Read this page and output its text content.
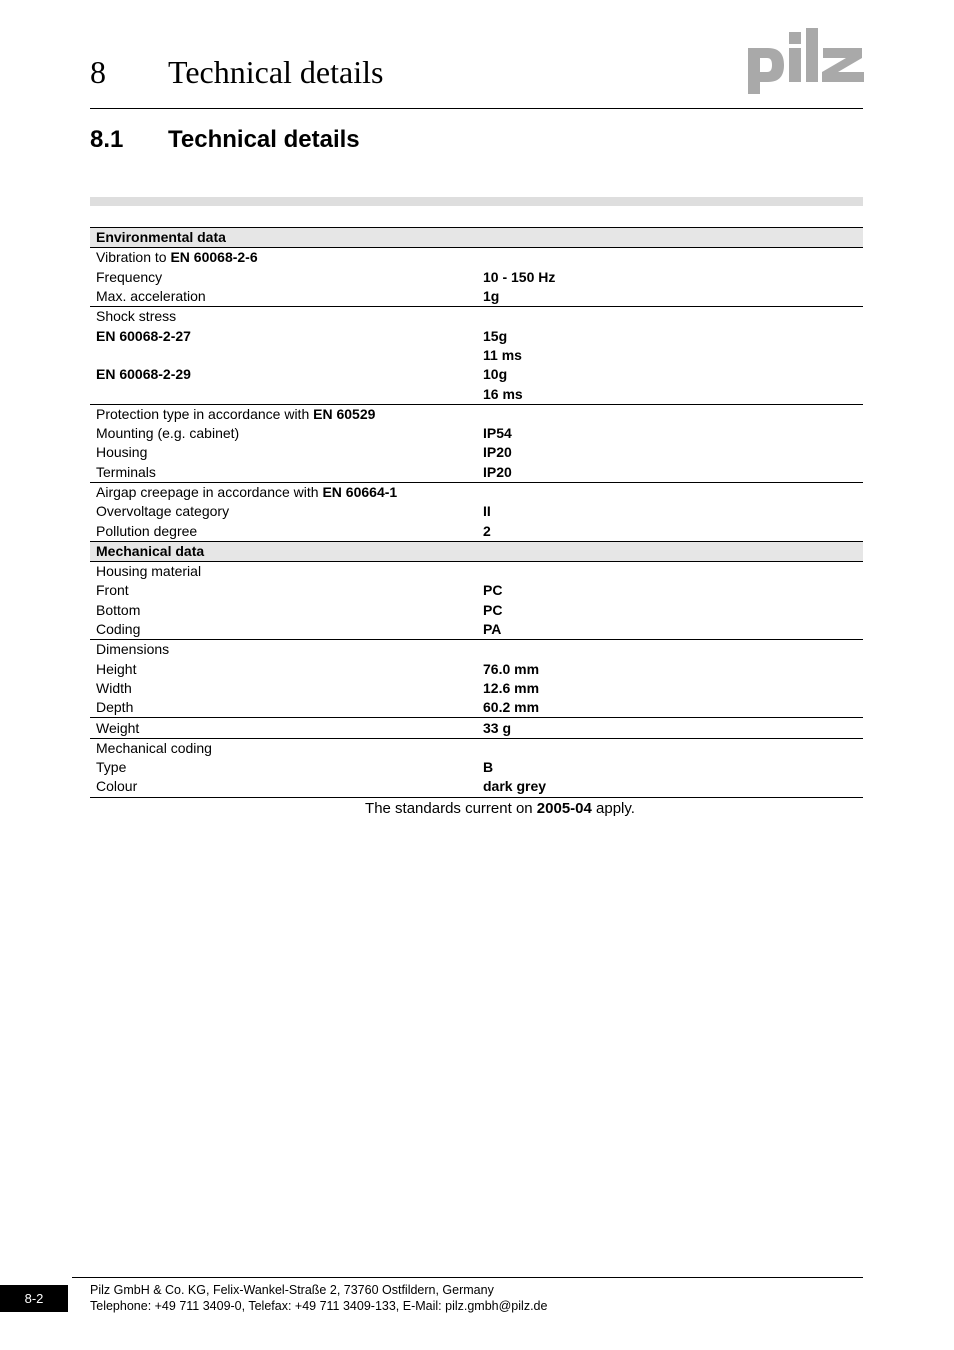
8 Technical details
8.1 Technical details
Environmental data	
Vibration to EN 60068-2-6	
Frequency	10 - 150 Hz
Max. acceleration	1g
Shock stress	
EN 60068-2-27	15g
	11 ms
EN 60068-2-29	10g
	16 ms
Protection type in accordance with EN 60529	
Mounting (e.g. cabinet)	IP54
Housing	IP20
Terminals	IP20
Airgap creepage in accordance with EN 60664-1	
Overvoltage category	II
Pollution degree	2
Mechanical data	
Housing material	
Front	PC
Bottom	PC
Coding	PA
Dimensions	
Height	76.0 mm
Width	12.6 mm
Depth	60.2 mm
Weight	33 g
Mechanical coding	
Type	B
Colour	dark grey
The standards current on 2005-04 apply.
8-2
Pilz GmbH & Co. KG, Felix-Wankel-Straße 2, 73760 Ostfildern, Germany
Telephone: +49 711 3409-0, Telefax: +49 711 3409-133, E-Mail: pilz.gmbh@pilz.de
